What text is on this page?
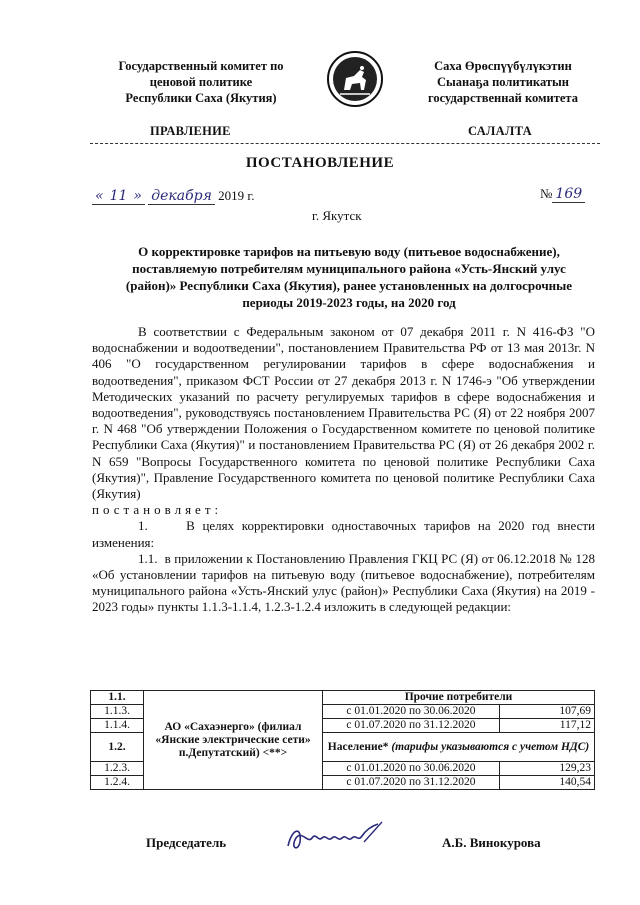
Государственный комитет по
ценовой политике
Республики Саха (Якутия)
Саха Өрөспүүбүлүкэтин
Сыанаҕа политикатын
государственнай комитета
ПРАВЛЕНИЕ	САЛАЛТА
ПОСТАНОВЛЕНИЕ
« 11 » декабря 2019 г.	№ 169
г. Якутск
О корректировке тарифов на питьевую воду (питьевое водоснабжение), поставляемую потребителям муниципального района «Усть-Янский улус (район)» Республики Саха (Якутия), ранее установленных на долгосрочные периоды 2019-2023 годы, на 2020 год

В соответствии с Федеральным законом от 07 декабря 2011 г. N 416-ФЗ "О водоснабжении и водоотведении", постановлением Правительства РФ от 13 мая 2013г. N 406 "О государственном регулировании тарифов в сфере водоснабжения и водоотведения", приказом ФСТ России от 27 декабря 2013 г. N 1746-э "Об утверждении Методических указаний по расчету регулируемых тарифов в сфере водоснабжения и водоотведения", руководствуясь постановлением Правительства РС (Я) от 22 ноября 2007 г. N 468 "Об утверждении Положения о Государственном комитете по ценовой политике Республики Саха (Якутия)" и постановлением Правительства РС (Я) от 26 декабря 2002 г. N 659 "Вопросы Государственного комитета по ценовой политике Республики Саха (Якутия)", Правление Государственного комитета по ценовой политике Республики Саха (Якутия)

постановляет:

1.     В целях корректировки одноставочных тарифов на 2020 год внести изменения:

1.1.  в приложении к Постановлению Правления ГКЦ РС (Я) от 06.12.2018 № 128 «Об установлении тарифов на питьевую воду (питьевое водоснабжение), потребителям муниципального района «Усть-Янский улус (район)» Республики Саха (Якутия) на 2019 - 2023 годы» пункты 1.1.3-1.1.4, 1.2.3-1.2.4 изложить в следующей редакции:

1.1.	АО «Сахаэнерго» (филиал «Янские электрические сети» п.Депутатский) <**>	Прочие потребители	
1.1.3.		с 01.01.2020 по 30.06.2020	107,69
1.1.4.		с 01.07.2020 по 31.12.2020	117,12
1.2.		Население* (тарифы указываются с учетом НДС)	
1.2.3.		с 01.01.2020 по 30.06.2020	129,23
1.2.4.		с 01.07.2020 по 31.12.2020	140,54
Председатель	А.Б. Винокурова
